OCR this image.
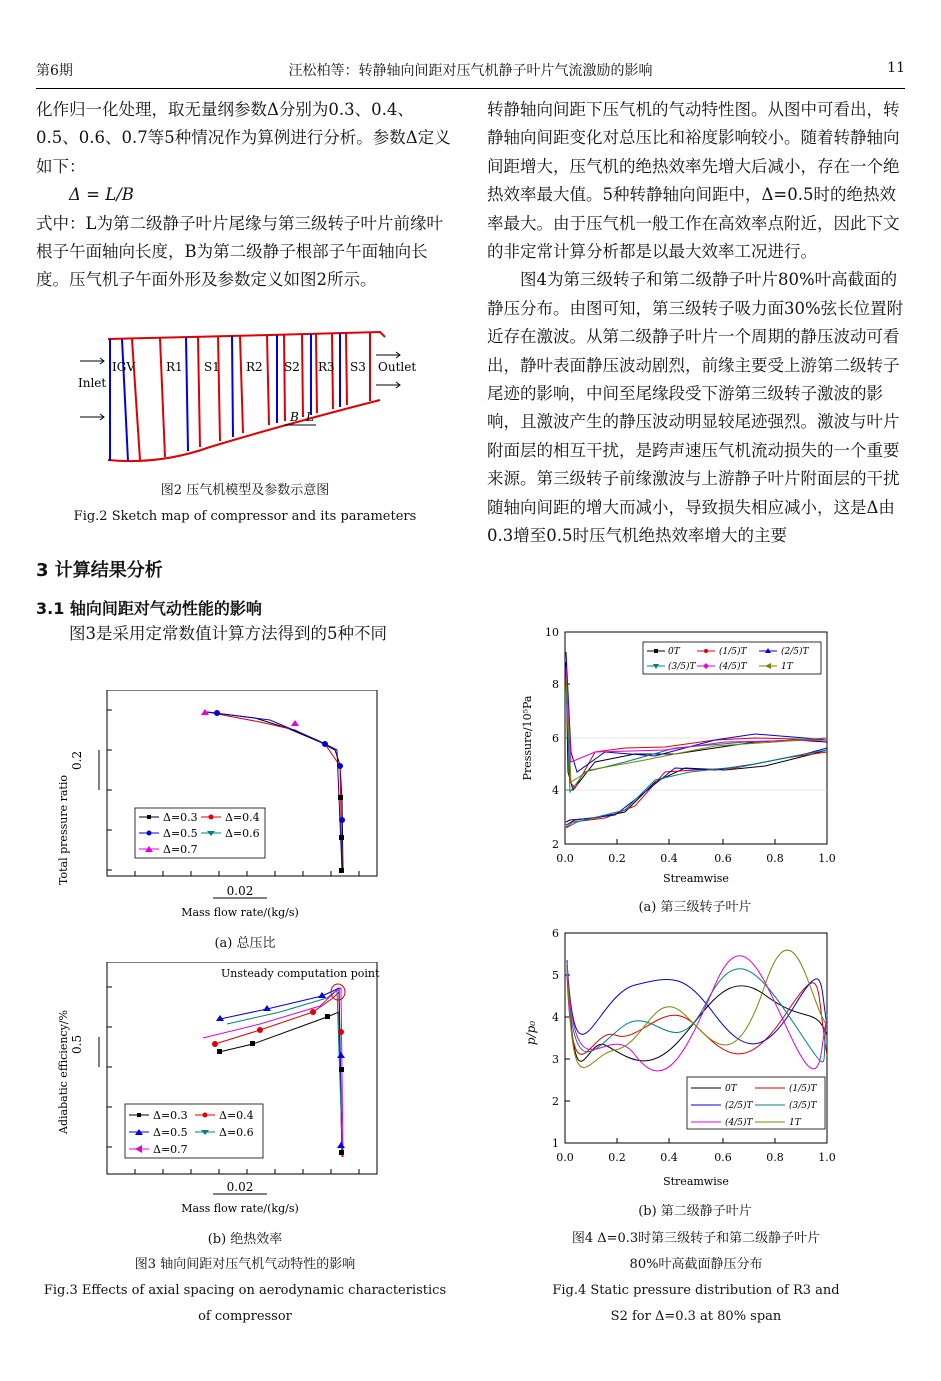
第6期	汪松柏等：转静轴向间距对压气机静子叶片气流激励的影响	11

化作归一化处理，取无量纲参数Δ分别为0.3、0.4、0.5、0.6、0.7等5种情况作为算例进行分析。参数Δ定义如下：

Δ = L/B

式中：L为第二级静子叶片尾缘与第三级转子叶片前缘叶根子午面轴向长度，B为第二级静子根部子午面轴向长度。压气机子午面外形及参数定义如图2所示。

IGV	R1 S1 R2 S2 R3 S3
Inlet
Outlet
B L
图2 压气机模型及参数示意图
Fig.2 Sketch map of compressor and its parameters
3 计算结果分析
3.1 轴向间距对气动性能的影响
图3是采用定常数值计算方法得到的5种不同
0.2
Total pressure ratio
0.02
Mass flow rate/(kg/s)
Δ=0.3 Δ=0.4
Δ=0.5 Δ=0.6
Δ=0.7
(a) 总压比
Unsteady computation point
0.5
Adiabatic efficiency/%
0.02
Mass flow rate/(kg/s)
Δ=0.3	Δ=0.4
Δ=0.5	Δ=0.6
Δ=0.7
(b) 绝热效率
图3 轴向间距对压气机气动特性的影响
Fig.3 Effects of axial spacing on aerodynamic characteristics
of compressor

转静轴向间距下压气机的气动特性图。从图中可看出，转静轴向间距变化对总压比和裕度影响较小。随着转静轴向间距增大，压气机的绝热效率先增大后减小，存在一个绝热效率最大值。5种转静轴向间距中，Δ=0.5时的绝热效率最大。由于压气机一般工作在高效率点附近，因此下文的非定常计算分析都是以最大效率工况进行。

图4为第三级转子和第二级静子叶片80%叶高截面的静压分布。由图可知，第三级转子吸力面30%弦长位置附近存在激波。从第二级静子叶片一个周期的静压波动可看出，静叶表面静压波动剧烈，前缘主要受上游第二级转子尾迹的影响，中间至尾缘段受下游第三级转子激波的影响，且激波产生的静压波动明显较尾迹强烈。激波与叶片附面层的相互干扰，是跨声速压气机流动损失的一个重要来源。第三级转子前缘激波与上游静子叶片附面层的干扰随轴向间距的增大而减小，导致损失相应减小，这是Δ由0.3增至0.5时压气机绝热效率增大的主要

2
4
6
8
10
0.0	0.2	0.4	0.6	0.8	1.0
Streamwise
Pressure/10⁵Pa
0T	(1/5)T	(2/5)T
(3/5)T	(4/5)T	1T
(a) 第三级转子叶片
1
2
3
4
5
6
0.0	0.2	0.4	0.6	0.8	1.0
Streamwise
p/p₀
0T	(1/5)T
(2/5)T	(3/5)T
(4/5)T	1T
(b) 第二级静子叶片
图4 Δ=0.3时第三级转子和第二级静子叶片
80%叶高截面静压分布
Fig.4 Static pressure distribution of R3 and
S2 for Δ=0.3 at 80% span
